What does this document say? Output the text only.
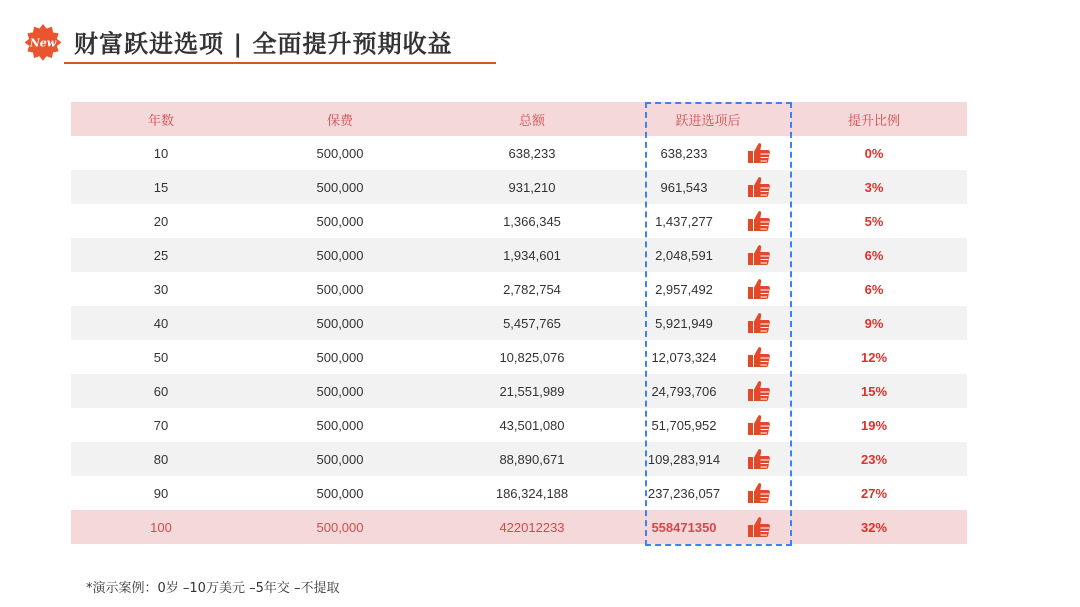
New 财富跃进选项 | 全面提升预期收益
年数	保费	总额	跃进选项后	提升比例
10	500,000	638,233	638,233	0%
15	500,000	931,210	961,543	3%
20	500,000	1,366,345	1,437,277	5%
25	500,000	1,934,601	2,048,591	6%
30	500,000	2,782,754	2,957,492	6%
40	500,000	5,457,765	5,921,949	9%
50	500,000	10,825,076	12,073,324	12%
60	500,000	21,551,989	24,793,706	15%
70	500,000	43,501,080	51,705,952	19%
80	500,000	88,890,671	109,283,914	23%
90	500,000	186,324,188	237,236,057	27%
100	500,000	422012233	558471350	32%
*演示案例：0岁 –10万美元 –5年交 –不提取
